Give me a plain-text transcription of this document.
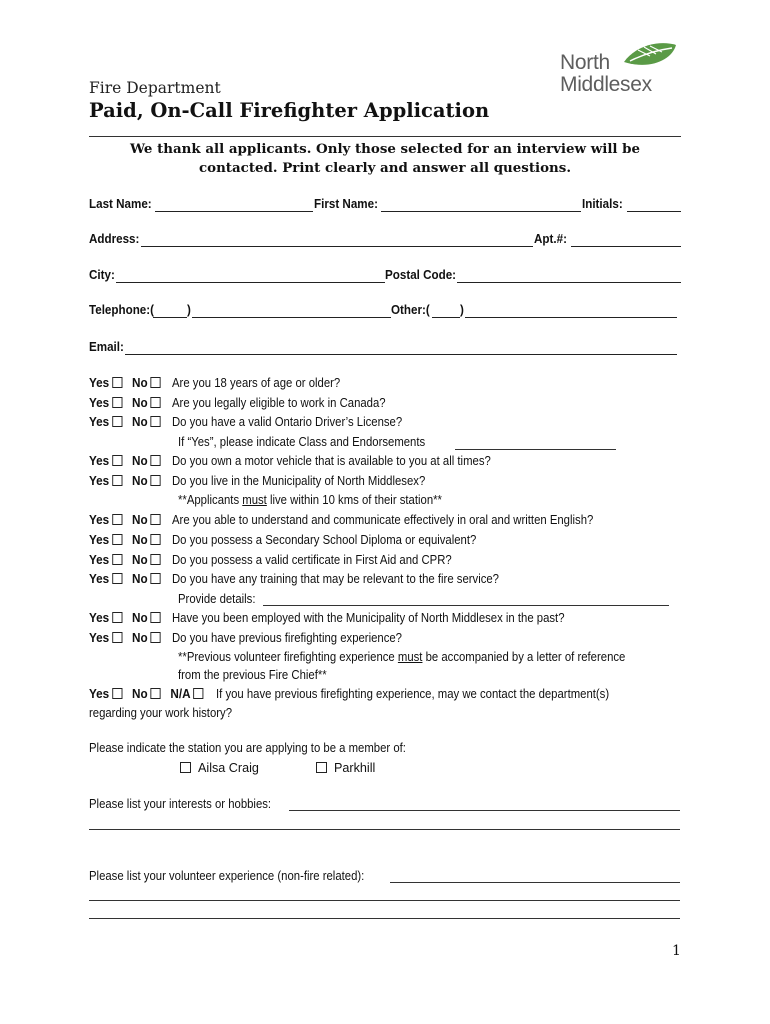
Fire Department
Paid, On-Call Firefighter Application
We thank all applicants. Only those selected for an interview will be contacted. Print clearly and answer all questions.
North
Middlesex
Last Name:	First Name:	Initials:
Address:	Apt.#:
City:	Postal Code:
Telephone:(	)	Other:( )
Email:
Yes No	Are you 18 years of age or older?
Yes No	Are you legally eligible to work in Canada?
Yes No	Do you have a valid Ontario Driver’s License?
If “Yes”, please indicate Class and Endorsements
Yes No	Do you own a motor vehicle that is available to you at all times?
Yes No	Do you live in the Municipality of North Middlesex?
**Applicants must live within 10 kms of their station**
Yes No	Are you able to understand and communicate effectively in oral and written English?
Yes No	Do you possess a Secondary School Diploma or equivalent?
Yes No	Do you possess a valid certificate in First Aid and CPR?
Yes No	Do you have any training that may be relevant to the fire service?
Provide details:
Yes No	Have you been employed with the Municipality of North Middlesex in the past?
Yes No	Do you have previous firefighting experience?
**Previous volunteer firefighting experience must be accompanied by a letter of reference
from the previous Fire Chief**
Yes No N/A	If you have previous firefighting experience, may we contact the department(s)
regarding your work history?
Please indicate the station you are applying to be a member of:
Ailsa Craig	Parkhill
Please list your interests or hobbies:
Please list your volunteer experience (non-fire related):
1
